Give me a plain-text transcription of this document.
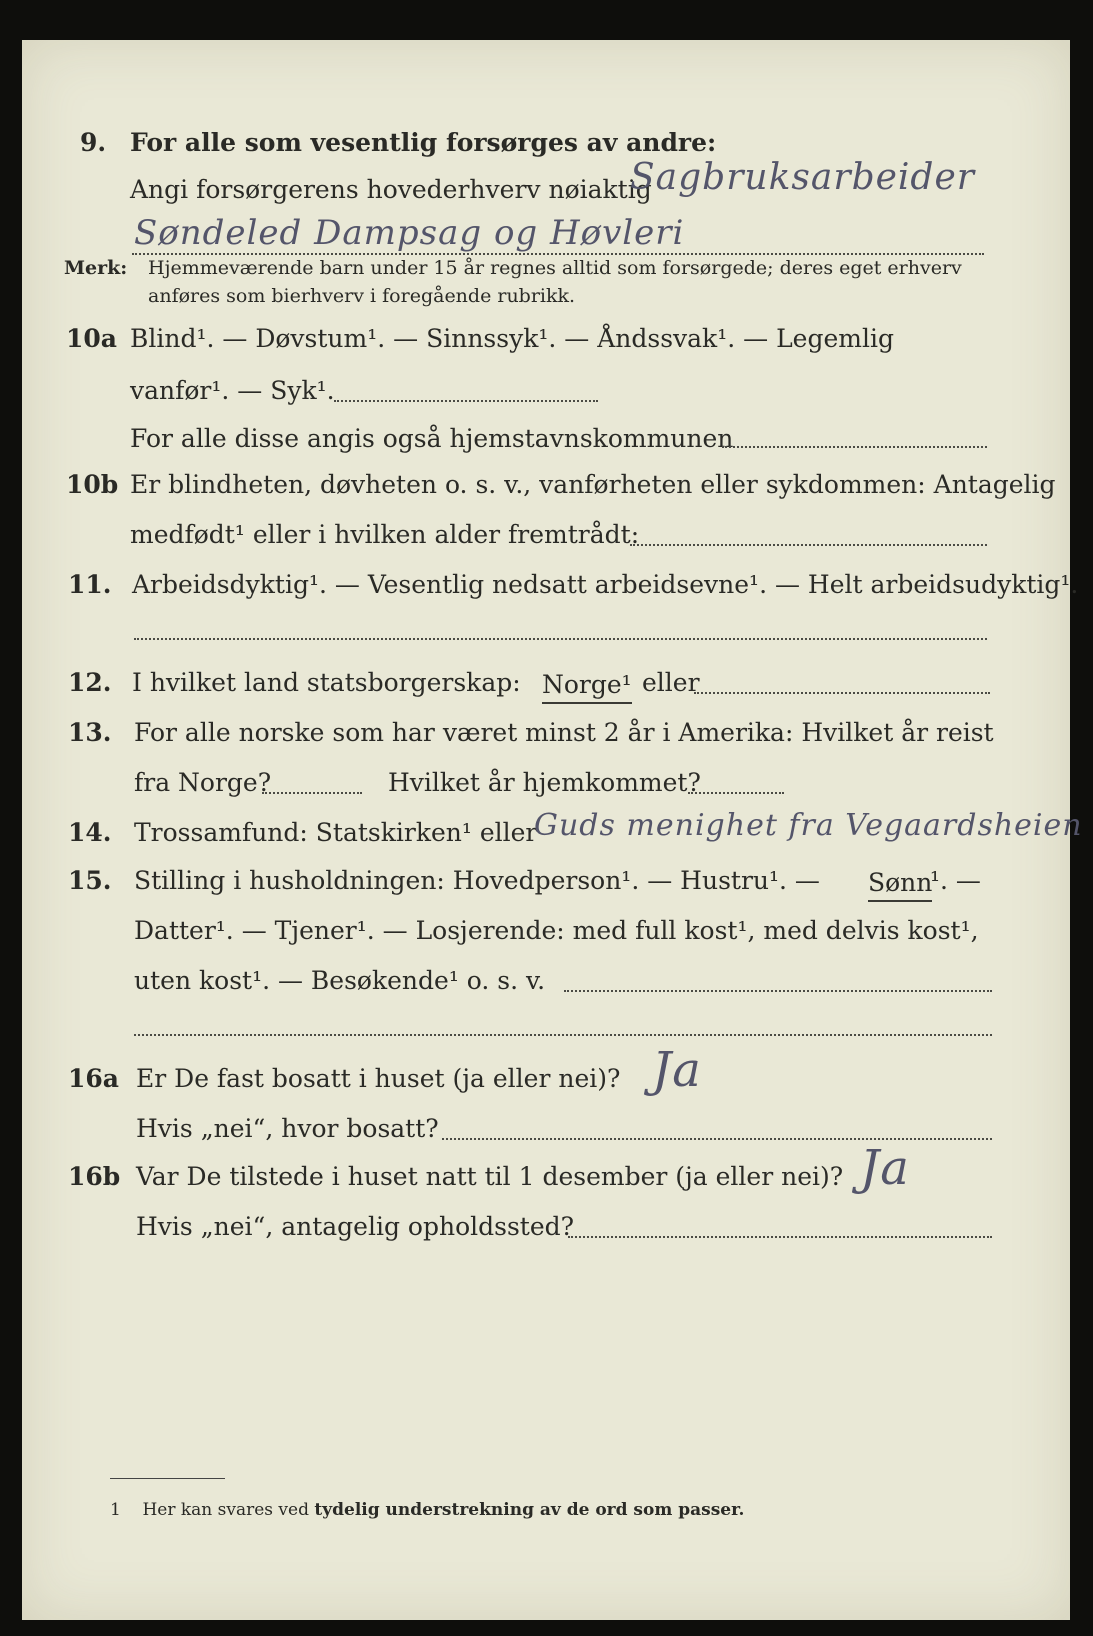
9. For alle som vesentlig forsørges av andre:
Angi forsørgerens hovederhverv nøiaktig
Sagbruksarbeider
Søndeled Dampsag og Høvleri
Merk: Hjemmeværende barn under 15 år regnes alltid som forsørgede; deres eget erhverv
anføres som bierhverv i foregående rubrikk.
10a Blind¹. — Døvstum¹. — Sinnssyk¹. — Åndssvak¹. — Legemlig
vanfør¹. — Syk¹.
For alle disse angis også hjemstavnskommunen
10b Er blindheten, døvheten o. s. v., vanførheten eller sykdommen: Antagelig
medfødt¹ eller i hvilken alder fremtrådt:
11. Arbeidsdyktig¹. — Vesentlig nedsatt arbeidsevne¹. — Helt arbeidsudyktig¹.
12. I hvilket land statsborgerskap: Norge¹ eller
13. For alle norske som har været minst 2 år i Amerika: Hvilket år reist
fra Norge?	Hvilket år hjemkommet?
14. Trossamfund: Statskirken¹ eller
Guds menighet fra Vegaardsheien
15. Stilling i husholdningen: Hovedperson¹. — Hustru¹. — Sønn
¹. —
Datter¹. — Tjener¹. — Losjerende: med full kost¹, med delvis kost¹,
uten kost¹. — Besøkende¹ o. s. v.
16a Er De fast bosatt i huset (ja eller nei)? Ja
Hvis „nei“, hvor bosatt?
16b Var De tilstede i huset natt til 1 desember (ja eller nei)? Ja
Hvis „nei“, antagelig opholdssted?
1 Her kan svares ved tydelig understrekning av de ord som passer.
